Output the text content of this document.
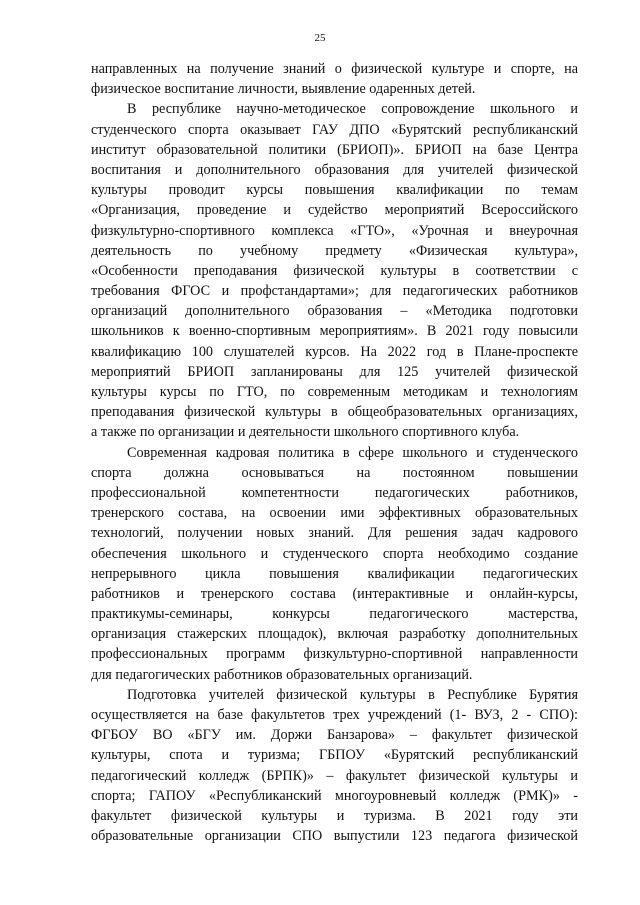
25
направленных на получение знаний о физической культуре и спорте, на
физическое воспитание личности, выявление одаренных детей.
В республике научно-методическое сопровождение школьного и
студенческого спорта оказывает ГАУ ДПО «Бурятский республиканский
институт образовательной политики (БРИОП)». БРИОП на базе Центра
воспитания и дополнительного образования для учителей физической
культуры проводит курсы повышения квалификации по темам
«Организация, проведение и судейство мероприятий Всероссийского
физкультурно-спортивного комплекса «ГТО», «Урочная и внеурочная
деятельность по учебному предмету «Физическая культура»,
«Особенности преподавания физической культуры в соответствии с
требования ФГОС и профстандартами»; для педагогических работников
организаций дополнительного образования – «Методика подготовки
школьников к военно-спортивным мероприятиям». В 2021 году повысили
квалификацию 100 слушателей курсов. На 2022 год в Плане-проспекте
мероприятий БРИОП запланированы для 125 учителей физической
культуры курсы по ГТО, по современным методикам и технологиям
преподавания физической культуры в общеобразовательных организациях,
а также по организации и деятельности школьного спортивного клуба.
Современная кадровая политика в сфере школьного и студенческого
спорта должна основываться на постоянном повышении
профессиональной компетентности педагогических работников,
тренерского состава, на освоении ими эффективных образовательных
технологий, получении новых знаний. Для решения задач кадрового
обеспечения школьного и студенческого спорта необходимо создание
непрерывного цикла повышения квалификации педагогических
работников и тренерского состава (интерактивные и онлайн-курсы,
практикумы-семинары, конкурсы педагогического мастерства,
организация стажерских площадок), включая разработку дополнительных
профессиональных программ физкультурно-спортивной направленности
для педагогических работников образовательных организаций.
Подготовка учителей физической культуры в Республике Бурятия
осуществляется на базе факультетов трех учреждений (1- ВУЗ, 2 - СПО):
ФГБОУ ВО «БГУ им. Доржи Банзарова» – факультет физической
культуры, спота и туризма; ГБПОУ «Бурятский республиканский
педагогический колледж (БРПК)» – факультет физической культуры и
спорта; ГАПОУ «Республиканский многоуровневый колледж (РМК)» -
факультет физической культуры и туризма. В 2021 году эти
образовательные организации СПО выпустили 123 педагога физической
